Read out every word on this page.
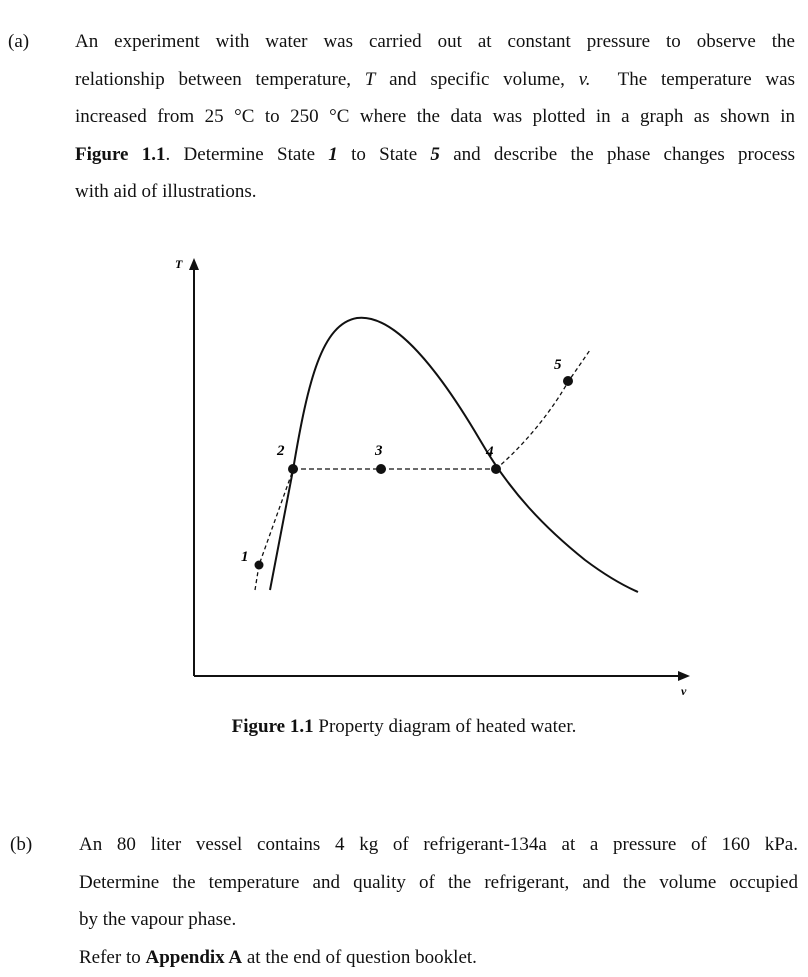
(a) An experiment with water was carried out at constant pressure to observe the
relationship between temperature, T and specific volume, v. The temperature was
increased from 25 °C to 250 °C where the data was plotted in a graph as shown in
Figure 1.1. Determine State 1 to State 5 and describe the phase changes process
with aid of illustrations.
T
v
1
2	3	4
5
Figure 1.1 Property diagram of heated water.
(b) An 80 liter vessel contains 4 kg of refrigerant-134a at a pressure of 160 kPa.
Determine the temperature and quality of the refrigerant, and the volume occupied
by the vapour phase.
Refer to Appendix A at the end of question booklet.
